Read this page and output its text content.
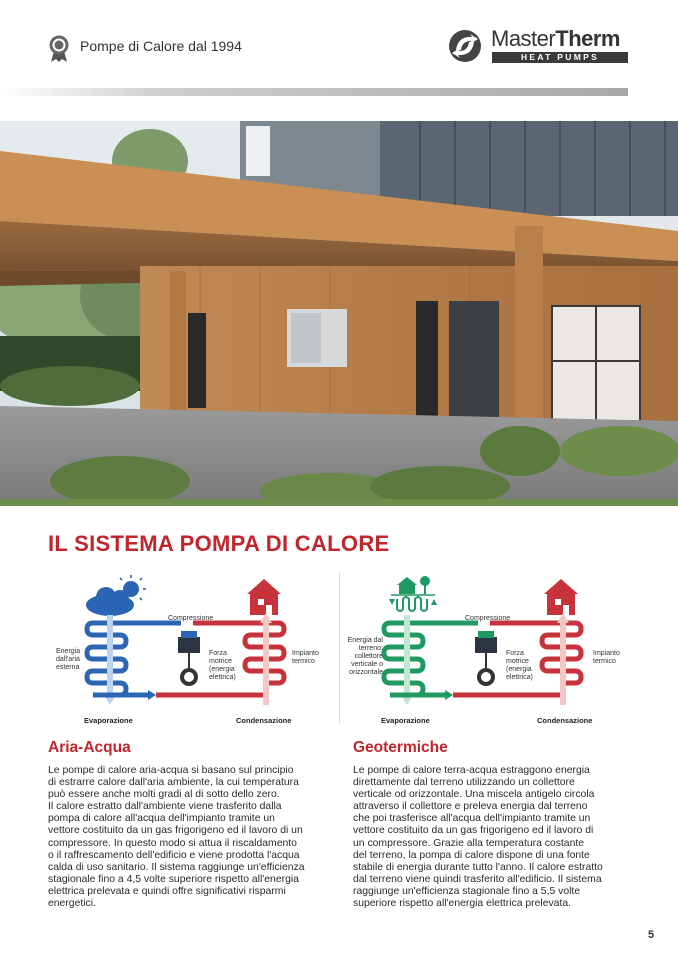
Pompe di Calore dal 1994	MasterTherm
HEAT PUMPS
IL SISTEMA POMPA DI CALORE
Compressione
Energia
dall'aria
esterna
Forza
motrice
(energia
elettrica)
Impianto
termico
Evaporazione	Condensazione
Compressione
Energia dal
terreno:
collettore
verticale o
orizzontale
Forza
motrice
(energia
elettrica)
Impianto
termico
Evaporazione	Condensazione
Aria-Acqua
Le pompe di calore aria-acqua si basano sul principio
di estrarre calore dall'aria ambiente, la cui temperatura
può essere anche molti gradi al di sotto dello zero.
Il calore estratto dall'ambiente viene trasferito dalla
pompa di calore all'acqua dell'impianto tramite un
vettore costituito da un gas frigorigeno ed il lavoro di un
compressore. In questo modo si attua il riscaldamento
o il raffrescamento dell'edificio e viene prodotta l'acqua
calda di uso sanitario. Il sistema raggiunge un'efficienza
stagionale fino a 4,5 volte superiore rispetto all'energia
elettrica prelevata e quindi offre significativi risparmi
energetici.
Geotermiche
Le pompe di calore terra-acqua estraggono energia
direttamente dal terreno utilizzando un collettore
verticale od orizzontale. Una miscela antigelo circola
attraverso il collettore e preleva energia dal terreno
che poi trasferisce all'acqua dell'impianto tramite un
vettore costituito da un gas frigorigeno ed il lavoro di
un compressore. Grazie alla temperatura costante
del terreno, la pompa di calore dispone di una fonte
stabile di energia durante tutto l'anno. Il calore estratto
dal terreno viene quindi trasferito all'edificio. Il sistema
raggiunge un'efficienza stagionale fino a 5,5 volte
superiore rispetto all'energia elettrica prelevata.
5
